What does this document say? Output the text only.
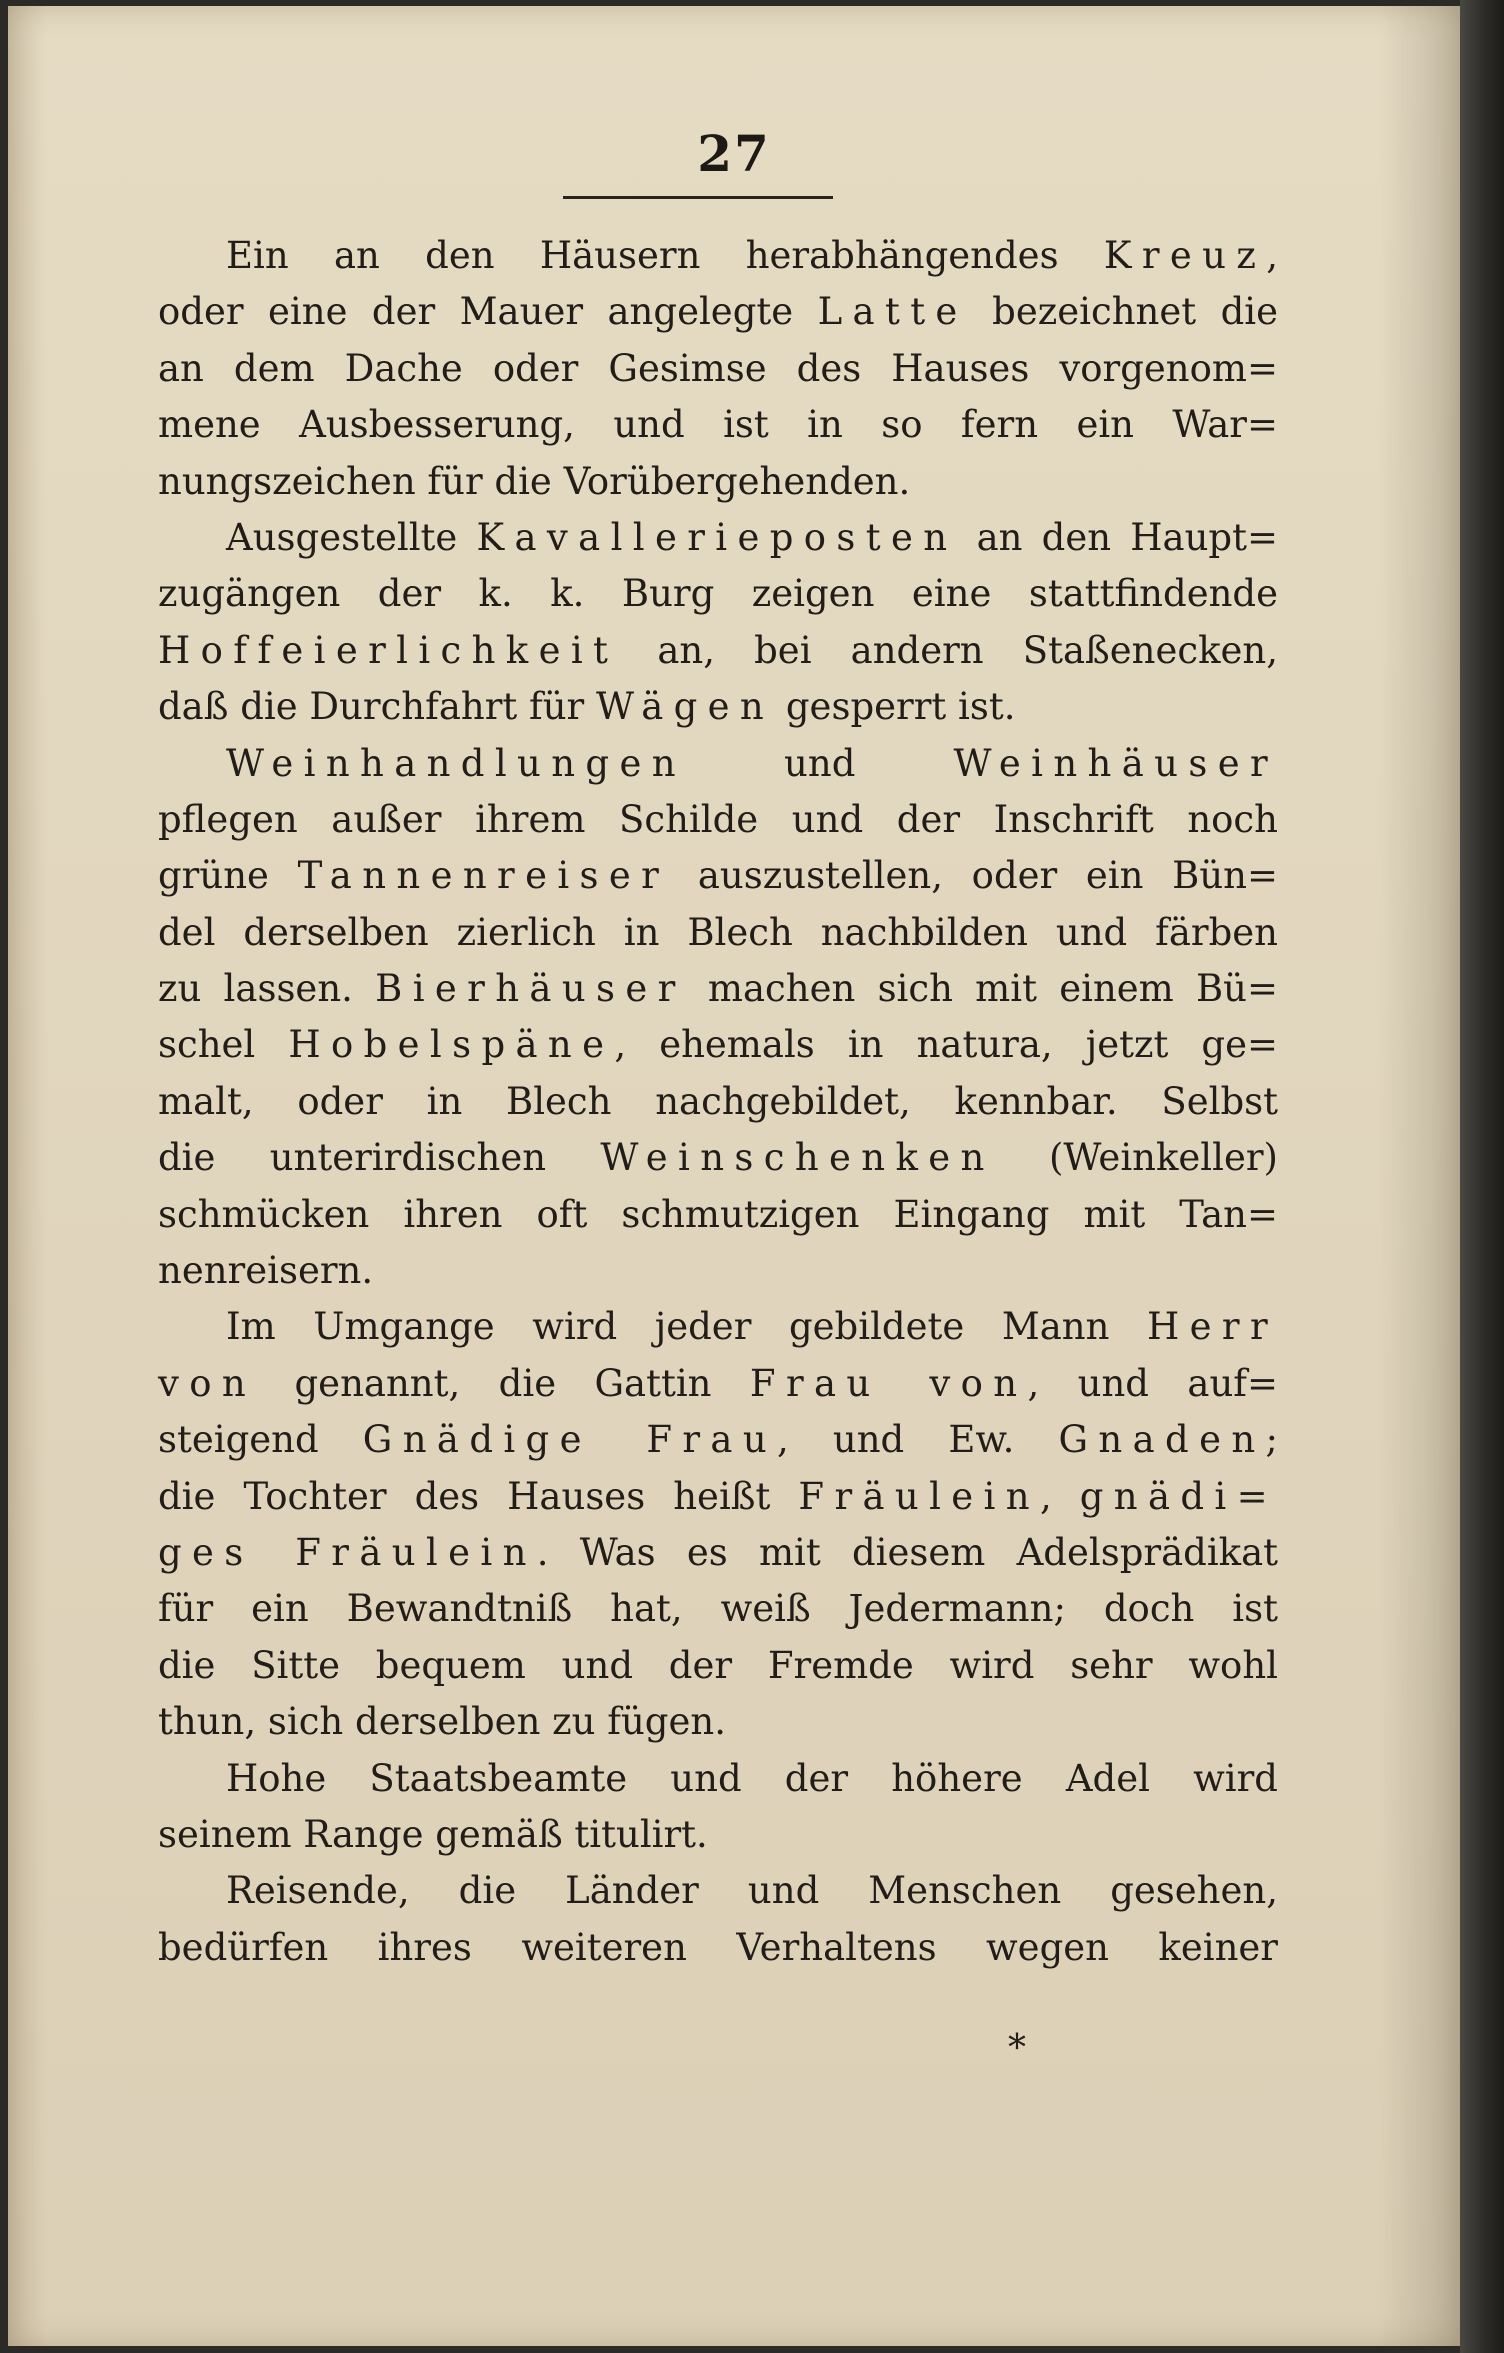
27
Ein an den Häusern herabhängendes Kreuz,
oder eine der Mauer angelegte Latte bezeichnet die
an dem Dache oder Gesimse des Hauses vorgenom=
mene Ausbesserung, und ist in so fern ein War=
nungszeichen für die Vorübergehenden.
Ausgestellte Kavallerieposten an den Haupt=
zugängen der k. k. Burg zeigen eine stattfindende
Hoffeierlichkeit an, bei andern Staßenecken,
daß die Durchfahrt für Wägen gesperrt ist.
Weinhandlungen und Weinhäuser
pflegen außer ihrem Schilde und der Inschrift noch
grüne Tannenreiser auszustellen, oder ein Bün=
del derselben zierlich in Blech nachbilden und färben
zu lassen. Bierhäuser machen sich mit einem Bü=
schel Hobelspäne, ehemals in natura, jetzt ge=
malt, oder in Blech nachgebildet, kennbar. Selbst
die unterirdischen Weinschenken (Weinkeller)
schmücken ihren oft schmutzigen Eingang mit Tan=
nenreisern.
Im Umgange wird jeder gebildete Mann Herr
von genannt, die Gattin Frau von, und auf=
steigend Gnädige Frau, und Ew. Gnaden;
die Tochter des Hauses heißt Fräulein, gnädi=
ges Fräulein. Was es mit diesem Adelsprädikat
für ein Bewandtniß hat, weiß Jedermann; doch ist
die Sitte bequem und der Fremde wird sehr wohl
thun, sich derselben zu fügen.
Hohe Staatsbeamte und der höhere Adel wird
seinem Range gemäß titulirt.
Reisende, die Länder und Menschen gesehen,
bedürfen ihres weiteren Verhaltens wegen keiner
*
